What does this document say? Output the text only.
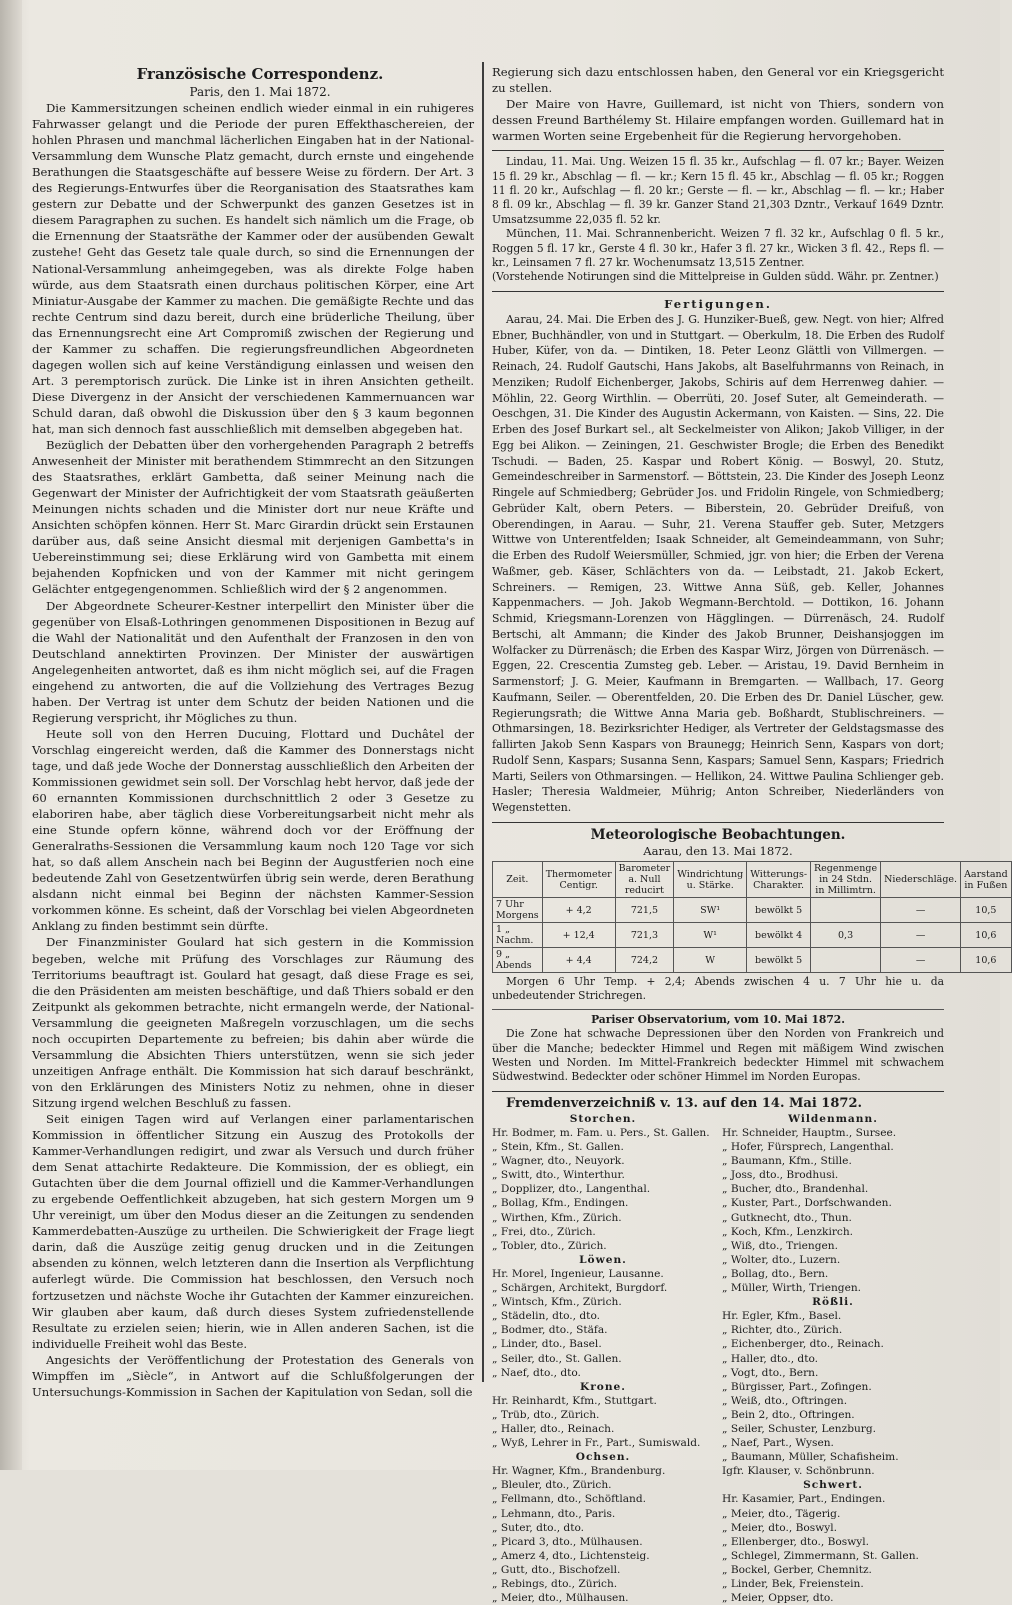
Französische Correspondenz.

Paris, den 1. Mai 1872.

Die Kammersitzungen scheinen endlich wieder einmal in ein ruhigeres Fahrwasser gelangt und die Periode der puren Effekthaschereien, der hohlen Phrasen und manchmal lächerlichen Eingaben hat in der National-Versammlung dem Wunsche Platz gemacht, durch ernste und eingehende Berathungen die Staatsgeschäfte auf bessere Weise zu fördern. Der Art. 3 des Regierungs-Entwurfes über die Reorganisation des Staatsrathes kam gestern zur Debatte und der Schwerpunkt des ganzen Gesetzes ist in diesem Paragraphen zu suchen. Es handelt sich nämlich um die Frage, ob die Ernennung der Staatsräthe der Kammer oder der ausübenden Gewalt zustehe! Geht das Gesetz tale quale durch, so sind die Ernennungen der National-Versammlung anheimgegeben, was als direkte Folge haben würde, aus dem Staatsrath einen durchaus politischen Körper, eine Art Miniatur-Ausgabe der Kammer zu machen. Die gemäßigte Rechte und das rechte Centrum sind dazu bereit, durch eine brüderliche Theilung, über das Ernennungsrecht eine Art Compromiß zwischen der Regierung und der Kammer zu schaffen. Die regierungsfreundlichen Abgeordneten dagegen wollen sich auf keine Verständigung einlassen und weisen den Art. 3 peremptorisch zurück. Die Linke ist in ihren Ansichten getheilt. Diese Divergenz in der Ansicht der verschiedenen Kammernuancen war Schuld daran, daß obwohl die Diskussion über den § 3 kaum begonnen hat, man sich dennoch fast ausschließlich mit demselben abgegeben hat.

Bezüglich der Debatten über den vorhergehenden Paragraph 2 betreffs Anwesenheit der Minister mit berathendem Stimmrecht an den Sitzungen des Staatsrathes, erklärt Gambetta, daß seiner Meinung nach die Gegenwart der Minister der Aufrichtigkeit der vom Staatsrath geäußerten Meinungen nichts schaden und die Minister dort nur neue Kräfte und Ansichten schöpfen können. Herr St. Marc Girardin drückt sein Erstaunen darüber aus, daß seine Ansicht diesmal mit derjenigen Gambetta's in Uebereinstimmung sei; diese Erklärung wird von Gambetta mit einem bejahenden Kopfnicken und von der Kammer mit nicht geringem Gelächter entgegengenommen. Schließlich wird der § 2 angenommen.

Der Abgeordnete Scheurer-Kestner interpellirt den Minister über die gegenüber von Elsaß-Lothringen genommenen Dispositionen in Bezug auf die Wahl der Nationalität und den Aufenthalt der Franzosen in den von Deutschland annektirten Provinzen. Der Minister der auswärtigen Angelegenheiten antwortet, daß es ihm nicht möglich sei, auf die Fragen eingehend zu antworten, die auf die Vollziehung des Vertrages Bezug haben. Der Vertrag ist unter dem Schutz der beiden Nationen und die Regierung verspricht, ihr Mögliches zu thun.

Heute soll von den Herren Ducuing, Flottard und Duchâtel der Vorschlag eingereicht werden, daß die Kammer des Donnerstags nicht tage, und daß jede Woche der Donnerstag ausschließlich den Arbeiten der Kommissionen gewidmet sein soll. Der Vorschlag hebt hervor, daß jede der 60 ernannten Kommissionen durchschnittlich 2 oder 3 Gesetze zu elaboriren habe, aber täglich diese Vorbereitungsarbeit nicht mehr als eine Stunde opfern könne, während doch vor der Eröffnung der Generalraths-Sessionen die Versammlung kaum noch 120 Tage vor sich hat, so daß allem Anschein nach bei Beginn der Augustferien noch eine bedeutende Zahl von Gesetzentwürfen übrig sein werde, deren Berathung alsdann nicht einmal bei Beginn der nächsten Kammer-Session vorkommen könne. Es scheint, daß der Vorschlag bei vielen Abgeordneten Anklang zu finden bestimmt sein dürfte.

Der Finanzminister Goulard hat sich gestern in die Kommission begeben, welche mit Prüfung des Vorschlages zur Räumung des Territoriums beauftragt ist. Goulard hat gesagt, daß diese Frage es sei, die den Präsidenten am meisten beschäftige, und daß Thiers sobald er den Zeitpunkt als gekommen betrachte, nicht ermangeln werde, der National-Versammlung die geeigneten Maßregeln vorzuschlagen, um die sechs noch occupirten Departemente zu befreien; bis dahin aber würde die Versammlung die Absichten Thiers unterstützen, wenn sie sich jeder unzeitigen Anfrage enthält. Die Kommission hat sich darauf beschränkt, von den Erklärungen des Ministers Notiz zu nehmen, ohne in dieser Sitzung irgend welchen Beschluß zu fassen.

Seit einigen Tagen wird auf Verlangen einer parlamentarischen Kommission in öffentlicher Sitzung ein Auszug des Protokolls der Kammer-Verhandlungen redigirt, und zwar als Versuch und durch früher dem Senat attachirte Redakteure. Die Kommission, der es obliegt, ein Gutachten über die dem Journal offiziell und die Kammer-Verhandlungen zu ergebende Oeffentlichkeit abzugeben, hat sich gestern Morgen um 9 Uhr vereinigt, um über den Modus dieser an die Zeitungen zu sendenden Kammerdebatten-Auszüge zu urtheilen. Die Schwierigkeit der Frage liegt darin, daß die Auszüge zeitig genug drucken und in die Zeitungen absenden zu können, welch letzteren dann die Insertion als Verpflichtung auferlegt würde. Die Commission hat beschlossen, den Versuch noch fortzusetzen und nächste Woche ihr Gutachten der Kammer einzureichen. Wir glauben aber kaum, daß durch dieses System zufriedenstellende Resultate zu erzielen seien; hierin, wie in Allen anderen Sachen, ist die individuelle Freiheit wohl das Beste.

Angesichts der Veröffentlichung der Protestation des Generals von Wimpffen im „Siècle“, in Antwort auf die Schlußfolgerungen der Untersuchungs-Kommission in Sachen der Kapitulation von Sedan, soll die

Regierung sich dazu entschlossen haben, den General vor ein Kriegsgericht zu stellen.

Der Maire von Havre, Guillemard, ist nicht von Thiers, sondern von dessen Freund Barthélemy St. Hilaire empfangen worden. Guillemard hat in warmen Worten seine Ergebenheit für die Regierung hervorgehoben.

Lindau, 11. Mai. Ung. Weizen 15 fl. 35 kr., Aufschlag — fl. 07 kr.; Bayer. Weizen 15 fl. 29 kr., Abschlag — fl. — kr.; Kern 15 fl. 45 kr., Abschlag — fl. 05 kr.; Roggen 11 fl. 20 kr., Aufschlag — fl. 20 kr.; Gerste — fl. — kr., Abschlag — fl. — kr.; Haber 8 fl. 09 kr., Abschlag — fl. 39 kr. Ganzer Stand 21,303 Dzntr., Verkauf 1649 Dzntr. Umsatzsumme 22,035 fl. 52 kr.

München, 11. Mai. Schrannenbericht. Weizen 7 fl. 32 kr., Aufschlag 0 fl. 5 kr., Roggen 5 fl. 17 kr., Gerste 4 fl. 30 kr., Hafer 3 fl. 27 kr., Wicken 3 fl. 42., Reps fl. — kr., Leinsamen 7 fl. 27 kr. Wochenumsatz 13,515 Zentner.

(Vorstehende Notirungen sind die Mittelpreise in Gulden südd. Währ. pr. Zentner.)

Fertigungen.

Aarau, 24. Mai. Die Erben des J. G. Hunziker-Bueß, gew. Negt. von hier; Alfred Ebner, Buchhändler, von und in Stuttgart. — Oberkulm, 18. Die Erben des Rudolf Huber, Küfer, von da. — Dintiken, 18. Peter Leonz Glättli von Villmergen. — Reinach, 24. Rudolf Gautschi, Hans Jakobs, alt Baselfuhrmanns von Reinach, in Menziken; Rudolf Eichenberger, Jakobs, Schiris auf dem Herrenweg dahier. — Möhlin, 22. Georg Wirthlin. — Oberrüti, 20. Josef Suter, alt Gemeinderath. — Oeschgen, 31. Die Kinder des Augustin Ackermann, von Kaisten. — Sins, 22. Die Erben des Josef Burkart sel., alt Seckelmeister von Alikon; Jakob Villiger, in der Egg bei Alikon. — Zeiningen, 21. Geschwister Brogle; die Erben des Benedikt Tschudi. — Baden, 25. Kaspar und Robert König. — Boswyl, 20. Stutz, Gemeindeschreiber in Sarmenstorf. — Böttstein, 23. Die Kinder des Joseph Leonz Ringele auf Schmiedberg; Gebrüder Jos. und Fridolin Ringele, von Schmiedberg; Gebrüder Kalt, obern Peters. — Biberstein, 20. Gebrüder Dreifuß, von Oberendingen, in Aarau. — Suhr, 21. Verena Stauffer geb. Suter, Metzgers Wittwe von Unterentfelden; Isaak Schneider, alt Gemeindeammann, von Suhr; die Erben des Rudolf Weiersmüller, Schmied, jgr. von hier; die Erben der Verena Waßmer, geb. Käser, Schlächters von da. — Leibstadt, 21. Jakob Eckert, Schreiners. — Remigen, 23. Wittwe Anna Süß, geb. Keller, Johannes Kappenmachers. — Joh. Jakob Wegmann-Berchtold. — Dottikon, 16. Johann Schmid, Kriegsmann-Lorenzen von Hägglingen. — Dürrenäsch, 24. Rudolf Bertschi, alt Ammann; die Kinder des Jakob Brunner, Deishansjoggen im Wolfacker zu Dürrenäsch; die Erben des Kaspar Wirz, Jörgen von Dürrenäsch. — Eggen, 22. Crescentia Zumsteg geb. Leber. — Aristau, 19. David Bernheim in Sarmenstorf; J. G. Meier, Kaufmann in Bremgarten. — Wallbach, 17. Georg Kaufmann, Seiler. — Oberentfelden, 20. Die Erben des Dr. Daniel Lüscher, gew. Regierungsrath; die Wittwe Anna Maria geb. Boßhardt, Stublischreiners. — Othmarsingen, 18. Bezirksrichter Hediger, als Vertreter der Geldstagsmasse des fallirten Jakob Senn Kaspars von Braunegg; Heinrich Senn, Kaspars von dort; Rudolf Senn, Kaspars; Susanna Senn, Kaspars; Samuel Senn, Kaspars; Friedrich Marti, Seilers von Othmarsingen. — Hellikon, 24. Wittwe Paulina Schlienger geb. Hasler; Theresia Waldmeier, Mührig; Anton Schreiber, Niederländers von Wegenstetten.

Meteorologische Beobachtungen.

Aarau, den 13. Mai 1872.

Zeit.	Thermometer Centigr.	Barometer a. Null reducirt	Windrichtung u. Stärke.	Witterungs-Charakter.	Regenmenge in 24 Stdn. in Millimtrn.	Niederschläge.	Aarstand in Fußen
7 Uhr Morgens	+ 4,2	721,5	SW¹	bewölkt 5		—	10,5
1 „ Nachm.	+ 12,4	721,3	W¹	bewölkt 4	0,3	—	10,6
9 „ Abends	+ 4,4	724,2	W	bewölkt 5		—	10,6

Morgen 6 Uhr Temp. + 2,4; Abends zwischen 4 u. 7 Uhr hie u. da unbedeutender Strichregen.

Pariser Observatorium, vom 10. Mai 1872.

Die Zone hat schwache Depressionen über den Norden von Frankreich und über die Manche; bedeckter Himmel und Regen mit mäßigem Wind zwischen Westen und Norden. Im Mittel-Frankreich bedeckter Himmel mit schwachem Südwestwind. Bedeckter oder schöner Himmel im Norden Europas.

Fremdenverzeichniß v. 13. auf den 14. Mai 1872.

Storchen.
Hr. Bodmer, m. Fam. u. Pers., St. Gallen.
„ Stein, Kfm., St. Gallen.
„ Wagner, dto., Neuyork.
„ Switt, dto., Winterthur.
„ Dopplizer, dto., Langenthal.
„ Bollag, Kfm., Endingen.
„ Wirthen, Kfm., Zürich.
„ Frei, dto., Zürich.
„ Tobler, dto., Zürich.
Löwen.
Hr. Morel, Ingenieur, Lausanne.
„ Schärgen, Architekt, Burgdorf.
„ Wintsch, Kfm., Zürich.
„ Städelin, dto., dto.
„ Bodmer, dto., Stäfa.
„ Linder, dto., Basel.
„ Seiler, dto., St. Gallen.
„ Naef, dto., dto.
Krone.
Hr. Reinhardt, Kfm., Stuttgart.
„ Trüb, dto., Zürich.
„ Haller, dto., Reinach.
„ Wyß, Lehrer in Fr., Part., Sumiswald.
Ochsen.
Hr. Wagner, Kfm., Brandenburg.
„ Bleuler, dto., Zürich.
„ Fellmann, dto., Schöftland.
„ Lehmann, dto., Paris.
„ Suter, dto., dto.
„ Picard 3, dto., Mülhausen.
„ Amerz 4, dto., Lichtensteig.
„ Gutt, dto., Bischofzell.
„ Rebings, dto., Zürich.
„ Meier, dto., Mülhausen.
Wildenmann.
Hr. Schneider, Hauptm., Sursee.
„ Hofer, Fürsprech, Langenthal.
„ Baumann, Kfm., Stille.
„ Joss, dto., Brodhusi.
„ Bucher, dto., Brandenhal.
„ Kuster, Part., Dorfschwanden.
„ Gutknecht, dto., Thun.
„ Koch, Kfm., Lenzkirch.
„ Wiß, dto., Triengen.
„ Wolter, dto., Luzern.
„ Bollag, dto., Bern.
„ Müller, Wirth, Triengen.
Rößli.
Hr. Egler, Kfm., Basel.
„ Richter, dto., Zürich.
„ Eichenberger, dto., Reinach.
„ Haller, dto., dto.
„ Vogt, dto., Bern.
„ Bürgisser, Part., Zofingen.
„ Weiß, dto., Oftringen.
„ Bein 2, dto., Oftringen.
„ Seiler, Schuster, Lenzburg.
„ Naef, Part., Wysen.
„ Baumann, Müller, Schafisheim.
Igfr. Klauser, v. Schönbrunn.
Schwert.
Hr. Kasamier, Part., Endingen.
„ Meier, dto., Tägerig.
„ Meier, dto., Boswyl.
„ Ellenberger, dto., Boswyl.
„ Schlegel, Zimmermann, St. Gallen.
„ Bockel, Gerber, Chemnitz.
„ Linder, Bek, Freienstein.
„ Meier, Oppser, dto.
